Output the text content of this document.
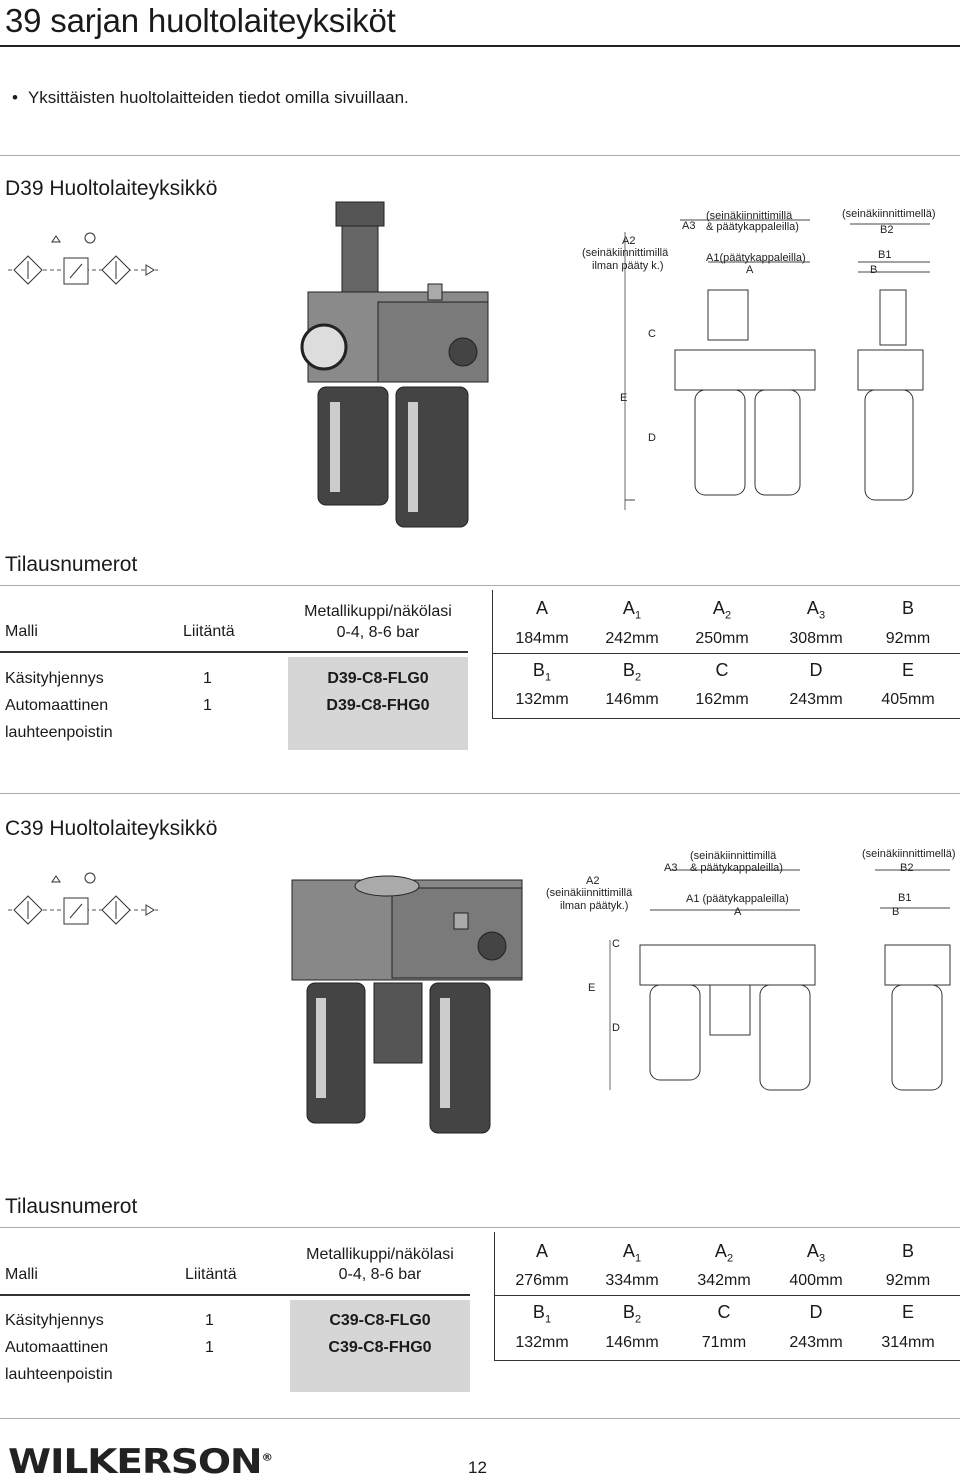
39 sarjan huoltolaiteyksiköt
• Yksittäisten huoltolaitteiden tiedot omilla sivuillaan.
D39 Huoltolaiteyksikkö
A2
(seinäkiinnittimillä
ilman pääty k.)
A3
(seinäkiinnittimillä
& päätykappaleilla)
A1(päätykappaleilla)
A
(seinäkiinnittimellä)
B2
B1
B
C
E
D
Tilausnumerot
Malli	Liitäntä
Metallikuppi/näkölasi
0-4, 8-6 bar
Käsityhjennys	1	D39-C8-FLG0
Automaattinen	1	D39-C8-FHG0
lauhteenpoistin
A	$A_1$	$A_2$	$A_3$	B
184mm	242mm	250mm	308mm	92mm
$B_1$	$B_2$	C	D	E
132mm	146mm	162mm	243mm	405mm
C39 Huoltolaiteyksikkö
A2
(seinäkiinnittimillä
ilman päätyk.)
A3
(seinäkiinnittimillä
& päätykappaleilla)
A1 (päätykappaleilla)
A
(seinäkiinnittimellä)
B2
B1
B
C
E
D
Tilausnumerot
Malli	Liitäntä
Metallikuppi/näkölasi
0-4, 8-6 bar
Käsityhjennys	1	C39-C8-FLG0
Automaattinen	1	C39-C8-FHG0
lauhteenpoistin
A	$A_1$	$A_2$	$A_3$	B
276mm	334mm	342mm	400mm	92mm
$B_1$	$B_2$	C	D	E
132mm	146mm	71mm	243mm	314mm
WILKERSON®	12
